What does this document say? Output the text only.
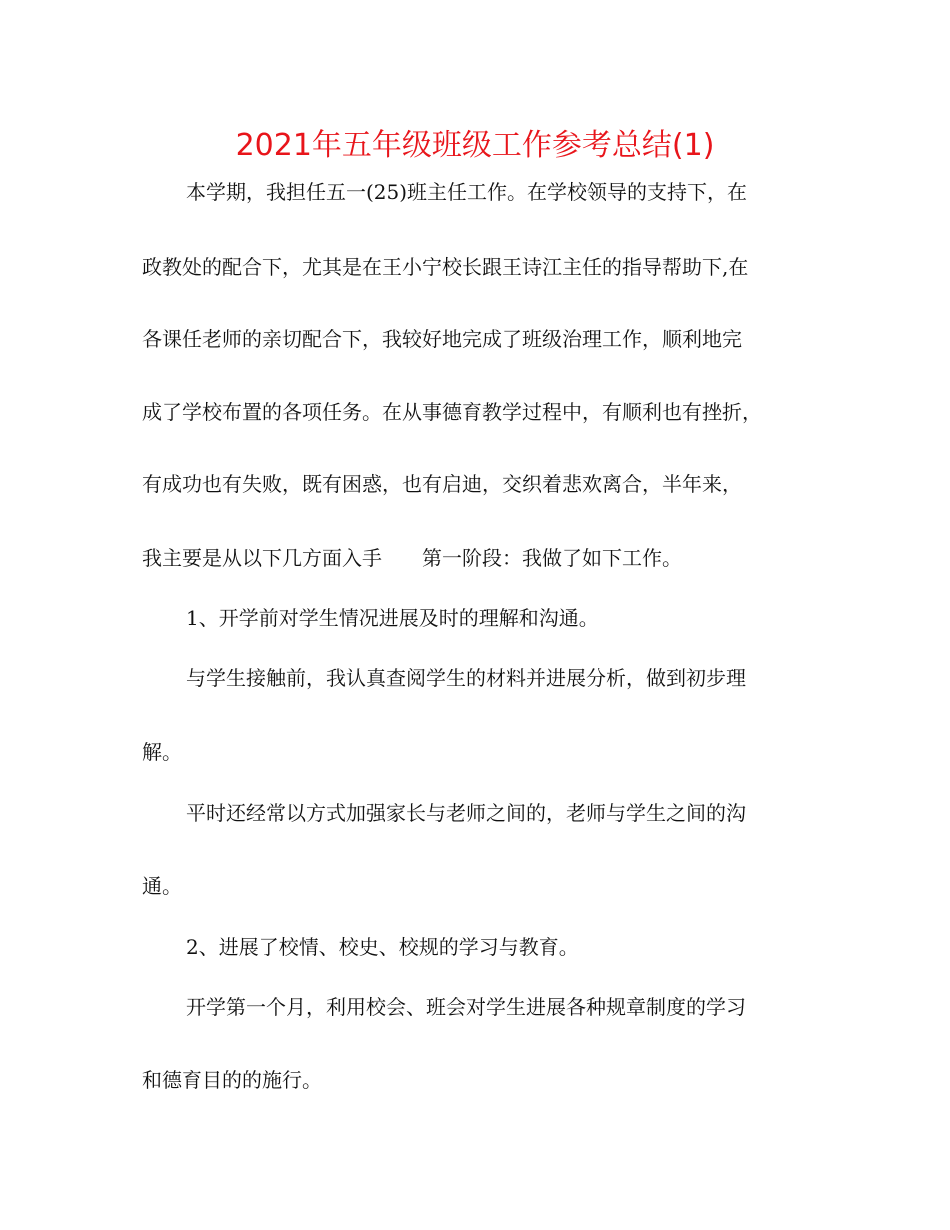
2021年五年级班级工作参考总结(1)
本学期，我担任五一(25)班主任工作。在学校领导的支持下，在
政教处的配合下，尤其是在王小宁校长跟王诗江主任的指导帮助下,在
各课任老师的亲切配合下，我较好地完成了班级治理工作，顺利地完
成了学校布置的各项任务。在从事德育教学过程中，有顺利也有挫折，
有成功也有失败，既有困惑，也有启迪，交织着悲欢离合，半年来，
我主要是从以下几方面入手 第一阶段：我做了如下工作。
1、开学前对学生情况进展及时的理解和沟通。
与学生接触前，我认真查阅学生的材料并进展分析，做到初步理
解。
平时还经常以方式加强家长与老师之间的，老师与学生之间的沟
通。
2、进展了校情、校史、校规的学习与教育。
开学第一个月，利用校会、班会对学生进展各种规章制度的学习
和德育目的的施行。
